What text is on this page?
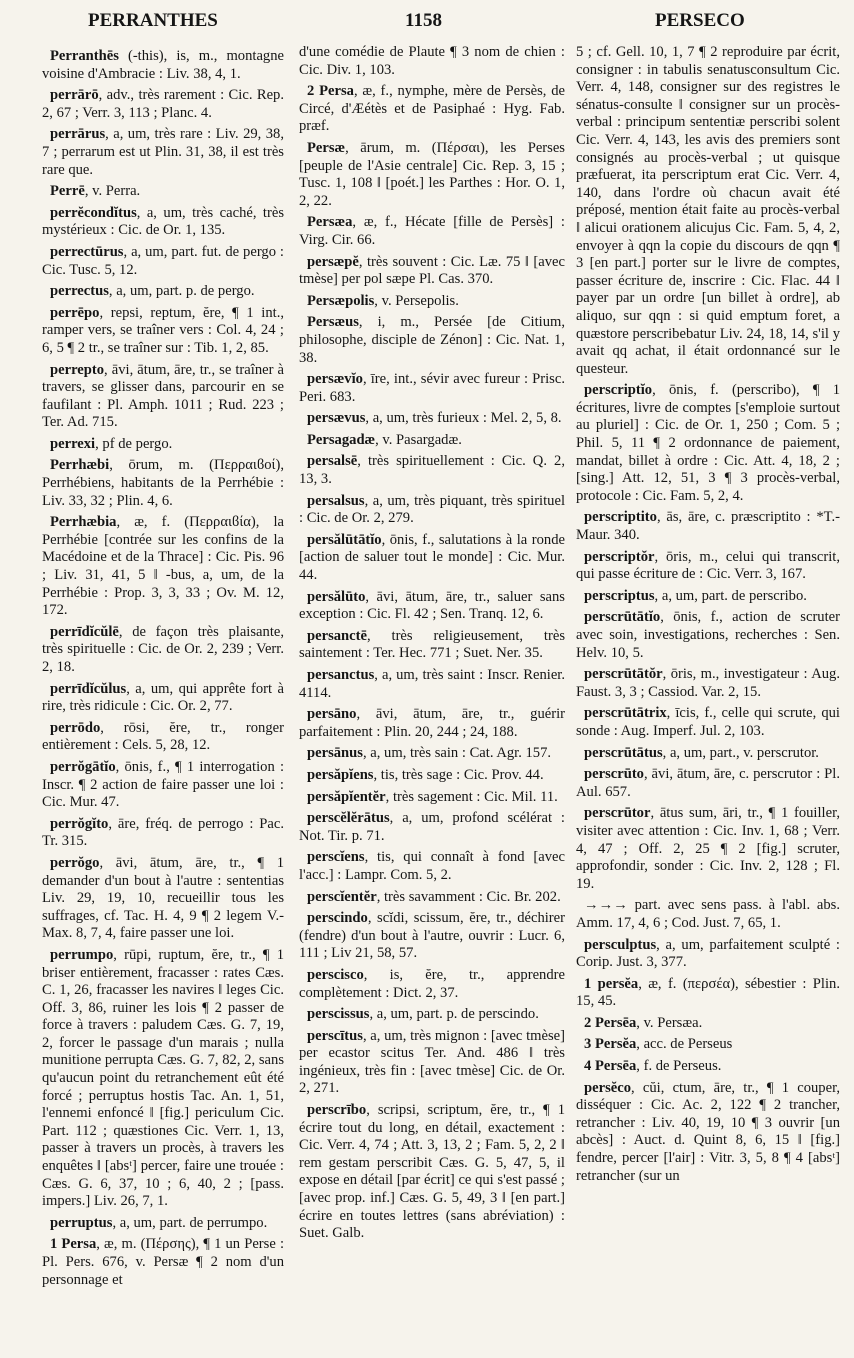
PERRANTHES	1158	PERSECO

Perranthēs (-this), is, m., montagne voisine d'Ambracie : Liv. 38, 4, 1.

perrārō, adv., très rarement : Cic. Rep. 2, 67 ; Verr. 3, 113 ; Planc. 4.

perrārus, a, um, très rare : Liv. 29, 38, 7 ; perrarum est ut Plin. 31, 38, il est très rare que.

Perrē, v. Perra.

perrĕcondĭtus, a, um, très caché, très mystérieux : Cic. de Or. 1, 135.

perrectūrus, a, um, part. fut. de pergo : Cic. Tusc. 5, 12.

perrectus, a, um, part. p. de pergo.

perrēpo, repsi, reptum, ĕre, ¶ 1 int., ramper vers, se traîner vers : Col. 4, 24 ; 6, 5 ¶ 2 tr., se traîner sur : Tib. 1, 2, 85.

perrepto, āvi, ātum, āre, tr., se traîner à travers, se glisser dans, parcourir en se faufilant : Pl. Amph. 1011 ; Rud. 223 ; Ter. Ad. 715.

perrexi, pf de pergo.

Perrhæbi, ōrum, m. (Περραιϐοί), Perrhébiens, habitants de la Perrhébie : Liv. 33, 32 ; Plin. 4, 6.

Perrhæbia, æ, f. (Περραιϐία), la Perrhébie [contrée sur les confins de la Macédoine et de la Thrace] : Cic. Pis. 96 ; Liv. 31, 41, 5 ‖ -bus, a, um, de la Perrhébie : Prop. 3, 3, 33 ; Ov. M. 12, 172.

perrīdĭcŭlē, de façon très plaisante, très spirituelle : Cic. de Or. 2, 239 ; Verr. 2, 18.

perrīdĭcŭlus, a, um, qui apprête fort à rire, très ridicule : Cic. Or. 2, 77.

perrōdo, rōsi, ĕre, tr., ronger entièrement : Cels. 5, 28, 12.

perrŏgātĭo, ōnis, f., ¶ 1 interrogation : Inscr. ¶ 2 action de faire passer une loi : Cic. Mur. 47.

perrŏgĭto, āre, fréq. de perrogo : Pac. Tr. 315.

perrŏgo, āvi, ātum, āre, tr., ¶ 1 demander d'un bout à l'autre : sententias Liv. 29, 19, 10, recueillir tous les suffrages, cf. Tac. H. 4, 9 ¶ 2 legem V.-Max. 8, 7, 4, faire passer une loi.

perrumpo, rūpi, ruptum, ĕre, tr., ¶ 1 briser entièrement, fracasser : rates Cæs. C. 1, 26, fracasser les navires ‖ leges Cic. Off. 3, 86, ruiner les lois ¶ 2 passer de force à travers : paludem Cæs. G. 7, 19, 2, forcer le passage d'un marais ; nulla munitione perrupta Cæs. G. 7, 82, 2, sans qu'aucun point du retranchement eût été forcé ; perruptus hostis Tac. An. 1, 51, l'ennemi enfoncé ‖ [fig.] periculum Cic. Part. 112 ; quæstiones Cic. Verr. 1, 13, passer à travers un procès, à travers les enquêtes ‖ [absᵗ] percer, faire une trouée : Cæs. G. 6, 37, 10 ; 6, 40, 2 ; [pass. impers.] Liv. 26, 7, 1.

perruptus, a, um, part. de perrumpo.

1 Persa, æ, m. (Πέρσης), ¶ 1 un Perse : Pl. Pers. 676, v. Persæ ¶ 2 nom d'un personnage et

d'une comédie de Plaute ¶ 3 nom de chien : Cic. Div. 1, 103.

2 Persa, æ, f., nymphe, mère de Persès, de Circé, d'Æétès et de Pasiphaé : Hyg. Fab. præf.

Persæ, ārum, m. (Πέρσαι), les Perses [peuple de l'Asie centrale] Cic. Rep. 3, 15 ; Tusc. 1, 108 ‖ [poét.] les Parthes : Hor. O. 1, 2, 22.

Persæa, æ, f., Hécate [fille de Persès] : Virg. Cir. 66.

persæpĕ, très souvent : Cic. Læ. 75 ‖ [avec tmèse] per pol sæpe Pl. Cas. 370.

Persæpolis, v. Persepolis.

Persæus, i, m., Persée [de Citium, philosophe, disciple de Zénon] : Cic. Nat. 1, 38.

persævĭo, īre, int., sévir avec fureur : Prisc. Peri. 683.

persævus, a, um, très furieux : Mel. 2, 5, 8.

Persagadæ, v. Pasargadæ.

persalsē, très spirituellement : Cic. Q. 2, 13, 3.

persalsus, a, um, très piquant, très spirituel : Cic. de Or. 2, 279.

persălūtātĭo, ōnis, f., salutations à la ronde [action de saluer tout le monde] : Cic. Mur. 44.

persălūto, āvi, ātum, āre, tr., saluer sans exception : Cic. Fl. 42 ; Sen. Tranq. 12, 6.

persanctē, très religieusement, très saintement : Ter. Hec. 771 ; Suet. Ner. 35.

persanctus, a, um, très saint : Inscr. Renier. 4114.

persāno, āvi, ātum, āre, tr., guérir parfaitement : Plin. 20, 244 ; 24, 188.

persānus, a, um, très sain : Cat. Agr. 157.

persăpĭens, tis, très sage : Cic. Prov. 44.

persăpĭentĕr, très sagement : Cic. Mil. 11.

perscĕlĕrātus, a, um, profond scélérat : Not. Tir. p. 71.

perscĭens, tis, qui connaît à fond [avec l'acc.] : Lampr. Com. 5, 2.

perscĭentĕr, très savamment : Cic. Br. 202.

perscindo, scĭdi, scissum, ĕre, tr., déchirer (fendre) d'un bout à l'autre, ouvrir : Lucr. 6, 111 ; Liv 21, 58, 57.

perscisco, is, ĕre, tr., apprendre complètement : Dict. 2, 37.

perscissus, a, um, part. p. de perscindo.

perscītus, a, um, très mignon : [avec tmèse] per ecastor scitus Ter. And. 486 ‖ très ingénieux, très fin : [avec tmèse] Cic. de Or. 2, 271.

perscrībo, scripsi, scriptum, ĕre, tr., ¶ 1 écrire tout du long, en détail, exactement : Cic. Verr. 4, 74 ; Att. 3, 13, 2 ; Fam. 5, 2, 2 ‖ rem gestam perscribit Cæs. G. 5, 47, 5, il expose en détail [par écrit] ce qui s'est passé ; [avec prop. inf.] Cæs. G. 5, 49, 3 ‖ [en part.] écrire en toutes lettres (sans abréviation) : Suet. Galb.

5 ; cf. Gell. 10, 1, 7 ¶ 2 reproduire par écrit, consigner : in tabulis senatusconsultum Cic. Verr. 4, 148, consigner sur des registres le sénatus-consulte ‖ consigner sur un procès-verbal : principum sententiæ perscribi solent Cic. Verr. 4, 143, les avis des premiers sont consignés au procès-verbal ; ut quisque præfuerat, ita perscriptum erat Cic. Verr. 4, 140, dans l'ordre où chacun avait été préposé, mention était faite au procès-verbal ‖ alicui orationem alicujus Cic. Fam. 5, 4, 2, envoyer à qqn la copie du discours de qqn ¶ 3 [en part.] porter sur le livre de comptes, passer écriture de, inscrire : Cic. Flac. 44 ‖ payer par un ordre [un billet à ordre], ab aliquo, sur qqn : si quid emptum foret, a quæstore perscribebatur Liv. 24, 18, 14, s'il y avait qq achat, il était ordonnancé sur le questeur.

perscriptĭo, ōnis, f. (perscribo), ¶ 1 écritures, livre de comptes [s'emploie surtout au pluriel] : Cic. de Or. 1, 250 ; Com. 5 ; Phil. 5, 11 ¶ 2 ordonnance de paiement, mandat, billet à ordre : Cic. Att. 4, 18, 2 ; [sing.] Att. 12, 51, 3 ¶ 3 procès-verbal, protocole : Cic. Fam. 5, 2, 4.

perscriptito, ās, āre, c. præscriptito : *T.-Maur. 340.

perscriptŏr, ōris, m., celui qui transcrit, qui passe écriture de : Cic. Verr. 3, 167.

perscriptus, a, um, part. de perscribo.

perscrūtātĭo, ōnis, f., action de scruter avec soin, investigations, recherches : Sen. Helv. 10, 5.

perscrūtātŏr, ōris, m., investigateur : Aug. Faust. 3, 3 ; Cassiod. Var. 2, 15.

perscrūtātrix, īcis, f., celle qui scrute, qui sonde : Aug. Imperf. Jul. 2, 103.

perscrūtātus, a, um, part., v. perscrutor.

perscrūto, āvi, ātum, āre, c. perscrutor : Pl. Aul. 657.

perscrūtor, ātus sum, āri, tr., ¶ 1 fouiller, visiter avec attention : Cic. Inv. 1, 68 ; Verr. 4, 47 ; Off. 2, 25 ¶ 2 [fig.] scruter, approfondir, sonder : Cic. Inv. 2, 128 ; Fl. 19.

→→→ part. avec sens pass. à l'abl. abs. Amm. 17, 4, 6 ; Cod. Just. 7, 65, 1.

persculptus, a, um, parfaitement sculpté : Corip. Just. 3, 377.

1 persĕa, æ, f. (περσέα), sébestier : Plin. 15, 45.

2 Persēa, v. Persæa.

3 Persĕa, acc. de Perseus

4 Persēa, f. de Perseus.

persĕco, cŭi, ctum, āre, tr., ¶ 1 couper, disséquer : Cic. Ac. 2, 122 ¶ 2 trancher, retrancher : Liv. 40, 19, 10 ¶ 3 ouvrir [un abcès] : Auct. d. Quint 8, 6, 15 ‖ [fig.] fendre, percer [l'air] : Vitr. 3, 5, 8 ¶ 4 [absᵗ] retrancher (sur un
